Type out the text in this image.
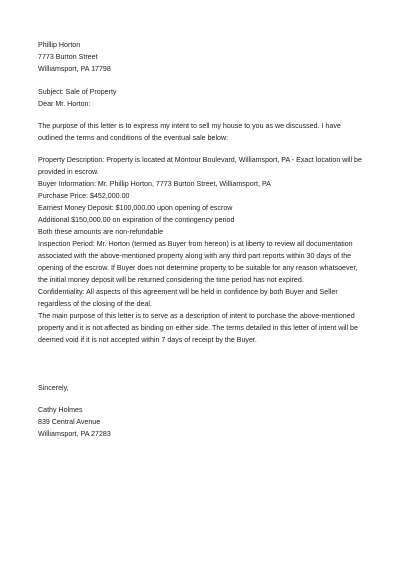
Phillip Horton
7773 Burton Street
Williamsport, PA 17798
Subject: Sale of Property
Dear Mr. Horton:
The purpose of this letter is to express my intent to sell my house to you as we discussed. I have
outlined the terms and conditions of the eventual sale below:
Property Description: Property is located at Montour Boulevard, Williamsport, PA - Exact location will be
provided in escrow.
Buyer Information: Mr. Phillip Horton, 7773 Burton Street, Williamsport, PA
Purchase Price: $452,000.00
Earnest Money Deposit: $100,000.00 upon opening of escrow
Additional $150,000.00 on expiration of the contingency period
Both these amounts are non-refundable
Inspection Period: Mr. Horton (termed as Buyer from hereon) is at liberty to review all documentation
associated with the above-mentioned property along with any third part reports within 30 days of the
opening of the escrow. If Buyer does not determine property to be suitable for any reason whatsoever,
the initial money deposit will be returned considering the time period has not expired.
Confidentiality: All aspects of this agreement will be held in confidence by both Buyer and Seller
regardless of the closing of the deal.
The main purpose of this letter is to serve as a description of intent to purchase the above-mentioned
property and it is not affected as binding on either side. The terms detailed in this letter of intent will be
deemed void if it is not accepted within 7 days of receipt by the Buyer.
Sincerely,
Cathy Holmes
839 Central Avenue
Williamsport, PA 27283
